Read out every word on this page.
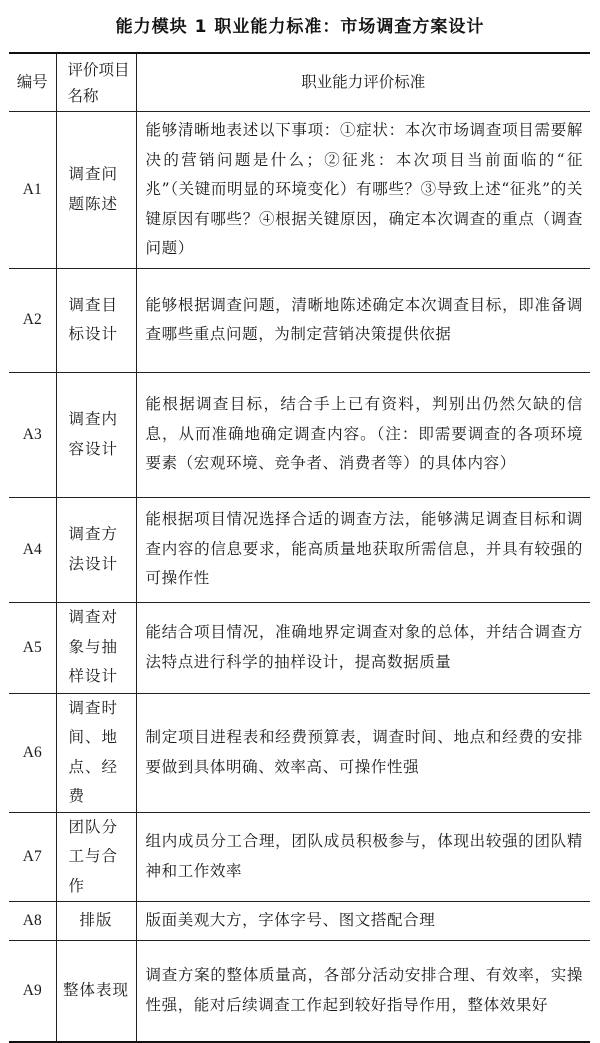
能力模块 1 职业能力标准：市场调查方案设计
编号	评价项目名称	职业能力评价标准
A1	调查问题陈述	能够清晰地表述以下事项：①症状：本次市场调查项目需要解决的营销问题是什么；②征兆：本次项目当前面临的“征兆”（关键而明显的环境变化）有哪些？③导致上述“征兆”的关键原因有哪些？④根据关键原因，确定本次调查的重点（调查问题）
A2	调查目标设计	能够根据调查问题，清晰地陈述确定本次调查目标，即准备调查哪些重点问题，为制定营销决策提供依据
A3	调查内容设计	能根据调查目标，结合手上已有资料，判别出仍然欠缺的信息，从而准确地确定调查内容。（注：即需要调查的各项环境要素（宏观环境、竞争者、消费者等）的具体内容）
A4	调查方法设计	能根据项目情况选择合适的调查方法，能够满足调查目标和调查内容的信息要求，能高质量地获取所需信息，并具有较强的可操作性
A5	调查对象与抽样设计	能结合项目情况，准确地界定调查对象的总体，并结合调查方法特点进行科学的抽样设计，提高数据质量
A6	调查时间、地点、经费	制定项目进程表和经费预算表，调查时间、地点和经费的安排要做到具体明确、效率高、可操作性强
A7	团队分工与合作	组内成员分工合理，团队成员积极参与，体现出较强的团队精神和工作效率
A8	排版	版面美观大方，字体字号、图文搭配合理
A9	整体表现	调查方案的整体质量高，各部分活动安排合理、有效率，实操性强，能对后续调查工作起到较好指导作用，整体效果好
